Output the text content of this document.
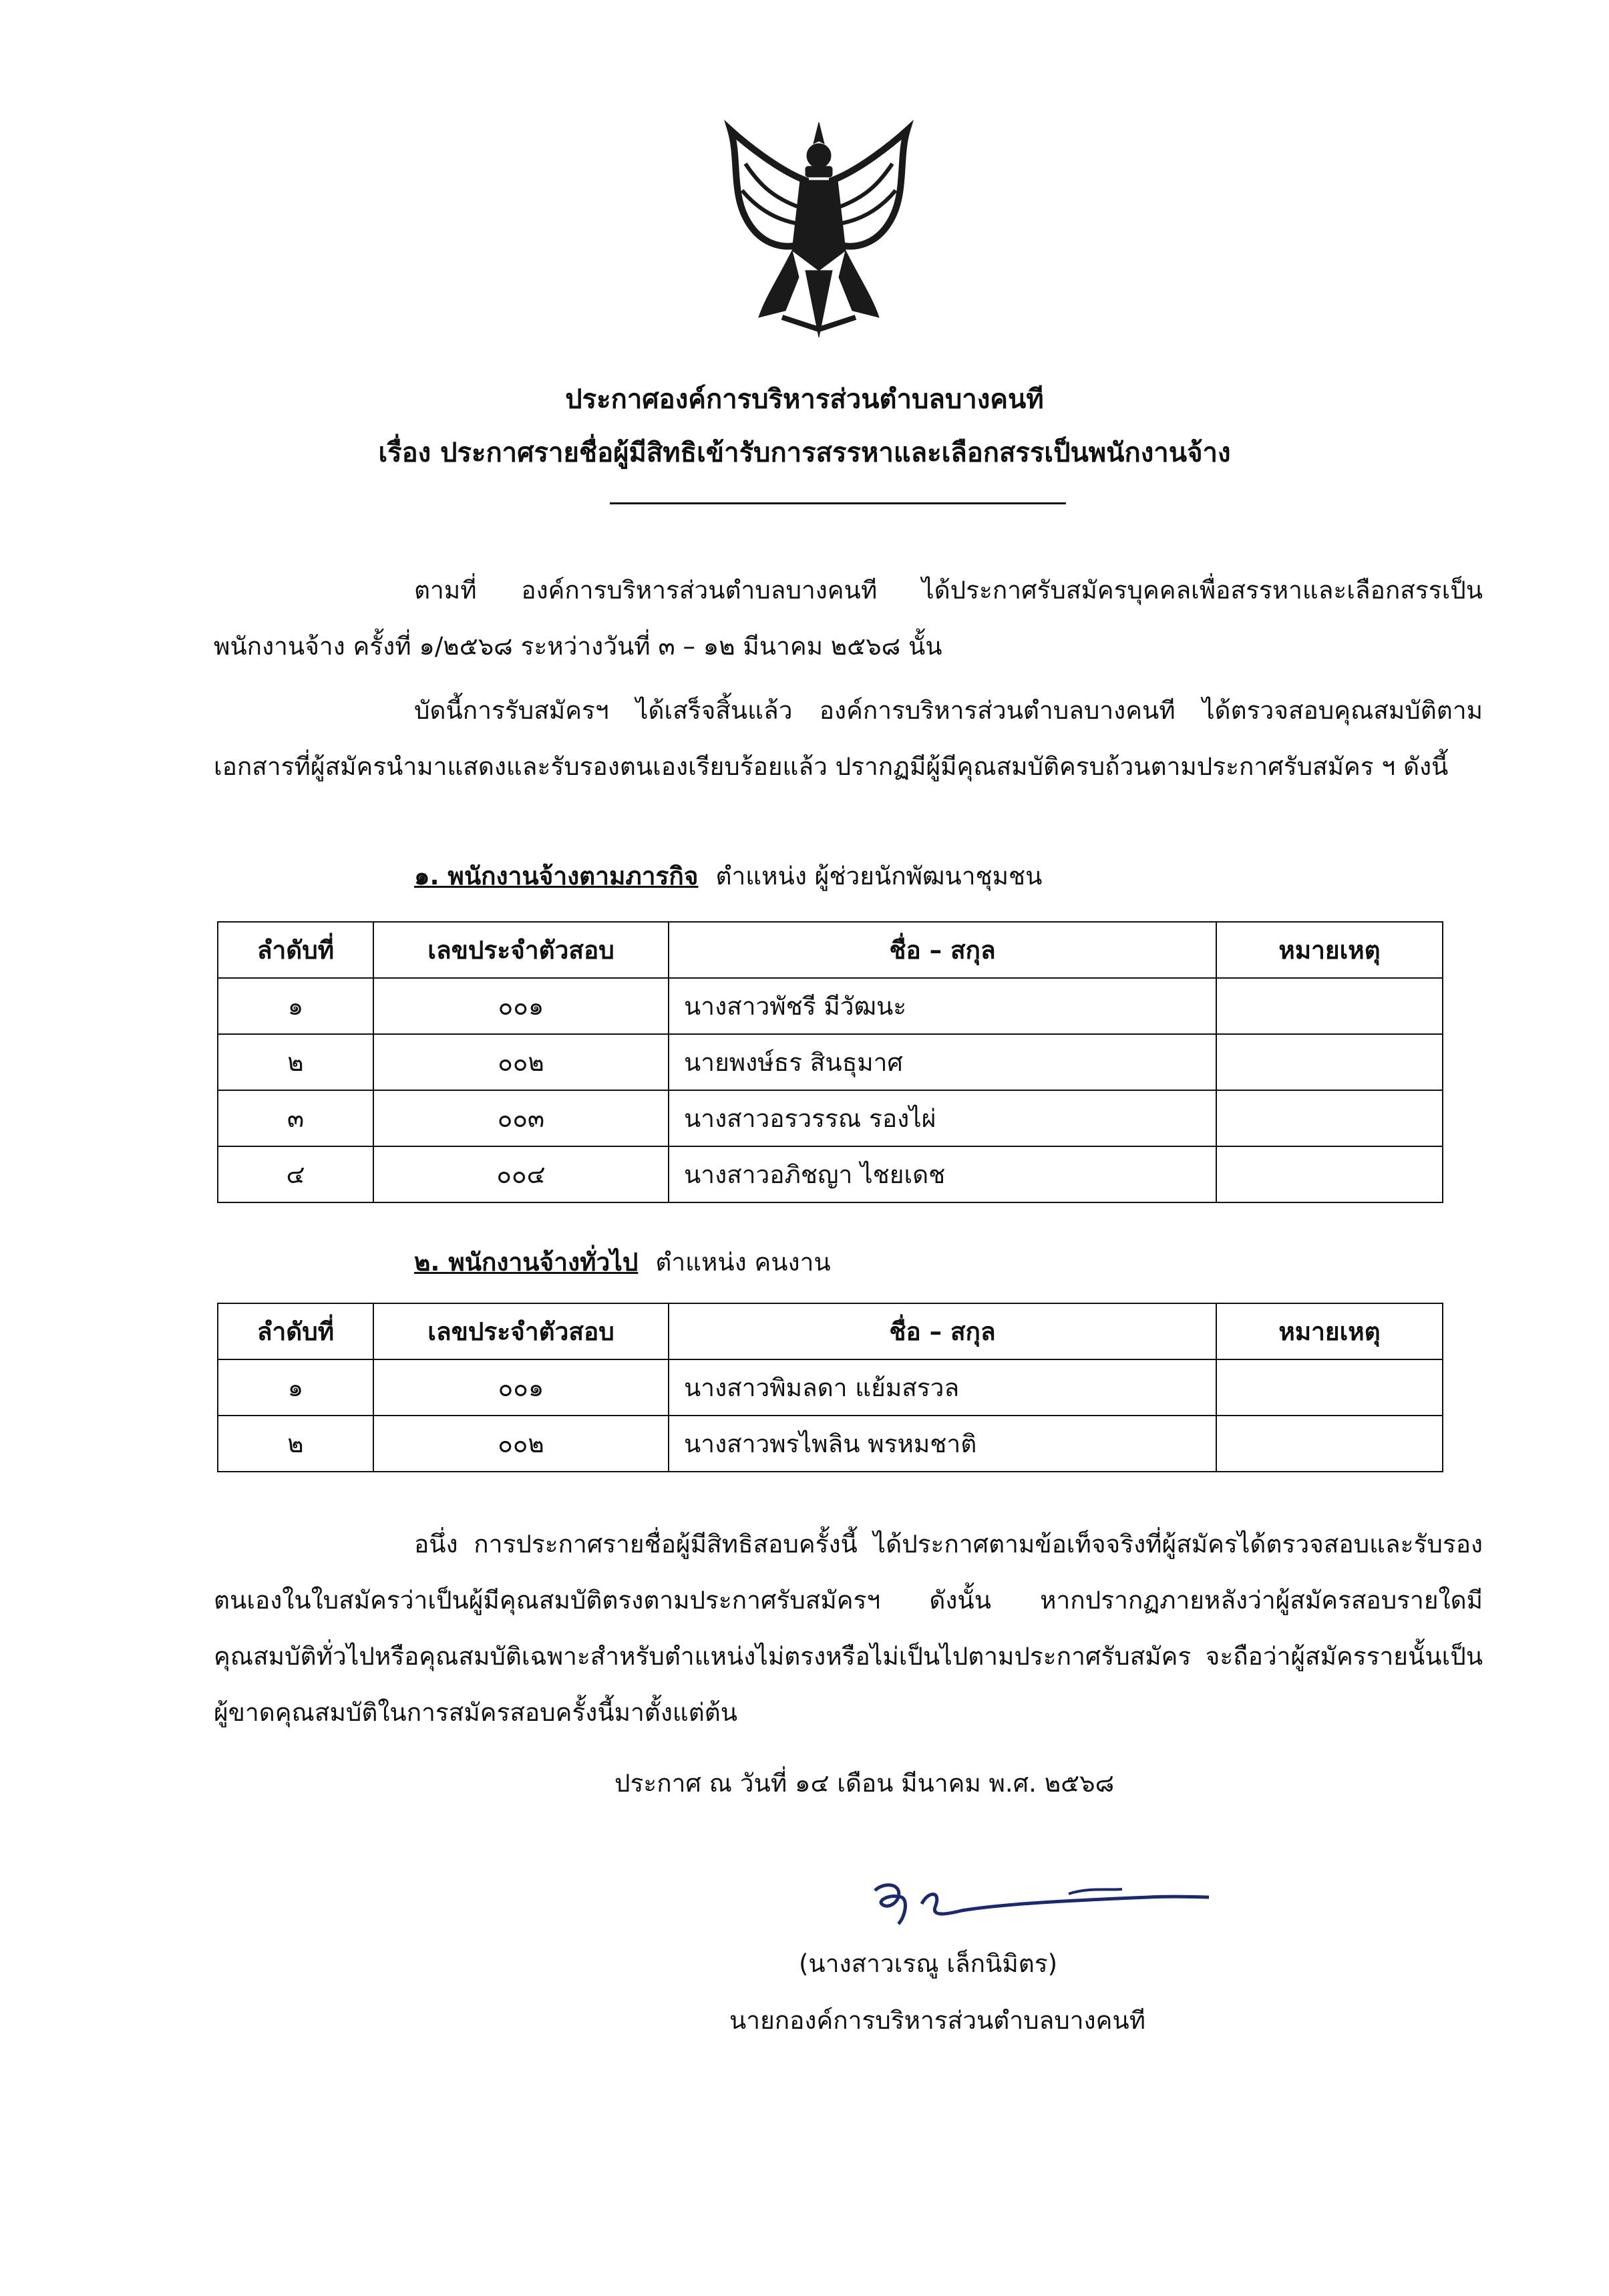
ประกาศองค์การบริหารส่วนตำบลบางคนที
เรื่อง ประกาศรายชื่อผู้มีสิทธิเข้ารับการสรรหาและเลือกสรรเป็นพนักงานจ้าง
ตามที่ องค์การบริหารส่วนตำบลบางคนที ได้ประกาศรับสมัครบุคคลเพื่อสรรหาและเลือกสรรเป็นพนักงานจ้าง ครั้งที่ ๑/๒๕๖๘ ระหว่างวันที่ ๓ – ๑๒ มีนาคม ๒๕๖๘ นั้น
บัดนี้การรับสมัครฯ ได้เสร็จสิ้นแล้ว องค์การบริหารส่วนตำบลบางคนที ได้ตรวจสอบคุณสมบัติตามเอกสารที่ผู้สมัครนำมาแสดงและรับรองตนเองเรียบร้อยแล้ว ปรากฏมีผู้มีคุณสมบัติครบถ้วนตามประกาศรับสมัคร ฯ ดังนี้
๑. พนักงานจ้างตามภารกิจ ตำแหน่ง ผู้ช่วยนักพัฒนาชุมชน
ลำดับที่	เลขประจำตัวสอบ	ชื่อ – สกุล	หมายเหตุ
๑	๐๐๑	นางสาวพัชรี มีวัฒนะ	
๒	๐๐๒	นายพงษ์ธร สินธุมาศ	
๓	๐๐๓	นางสาวอรวรรณ รองไผ่	
๔	๐๐๔	นางสาวอภิชญา ไชยเดช	
๒. พนักงานจ้างทั่วไป ตำแหน่ง คนงาน
ลำดับที่	เลขประจำตัวสอบ	ชื่อ – สกุล	หมายเหตุ
๑	๐๐๑	นางสาวพิมลดา แย้มสรวล	
๒	๐๐๒	นางสาวพรไพลิน พรหมชาติ	
อนึ่ง การประกาศรายชื่อผู้มีสิทธิสอบครั้งนี้ ได้ประกาศตามข้อเท็จจริงที่ผู้สมัครได้ตรวจสอบและรับรองตนเองในใบสมัครว่าเป็นผู้มีคุณสมบัติตรงตามประกาศรับสมัครฯ ดังนั้น หากปรากฏภายหลังว่าผู้สมัครสอบรายใดมีคุณสมบัติทั่วไปหรือคุณสมบัติเฉพาะสำหรับตำแหน่งไม่ตรงหรือไม่เป็นไปตามประกาศรับสมัคร จะถือว่าผู้สมัครรายนั้นเป็นผู้ขาดคุณสมบัติในการสมัครสอบครั้งนี้มาตั้งแต่ต้น
ประกาศ ณ วันที่ ๑๔ เดือน มีนาคม พ.ศ. ๒๕๖๘
(นางสาวเรณู เล็กนิมิตร)
นายกองค์การบริหารส่วนตำบลบางคนที
